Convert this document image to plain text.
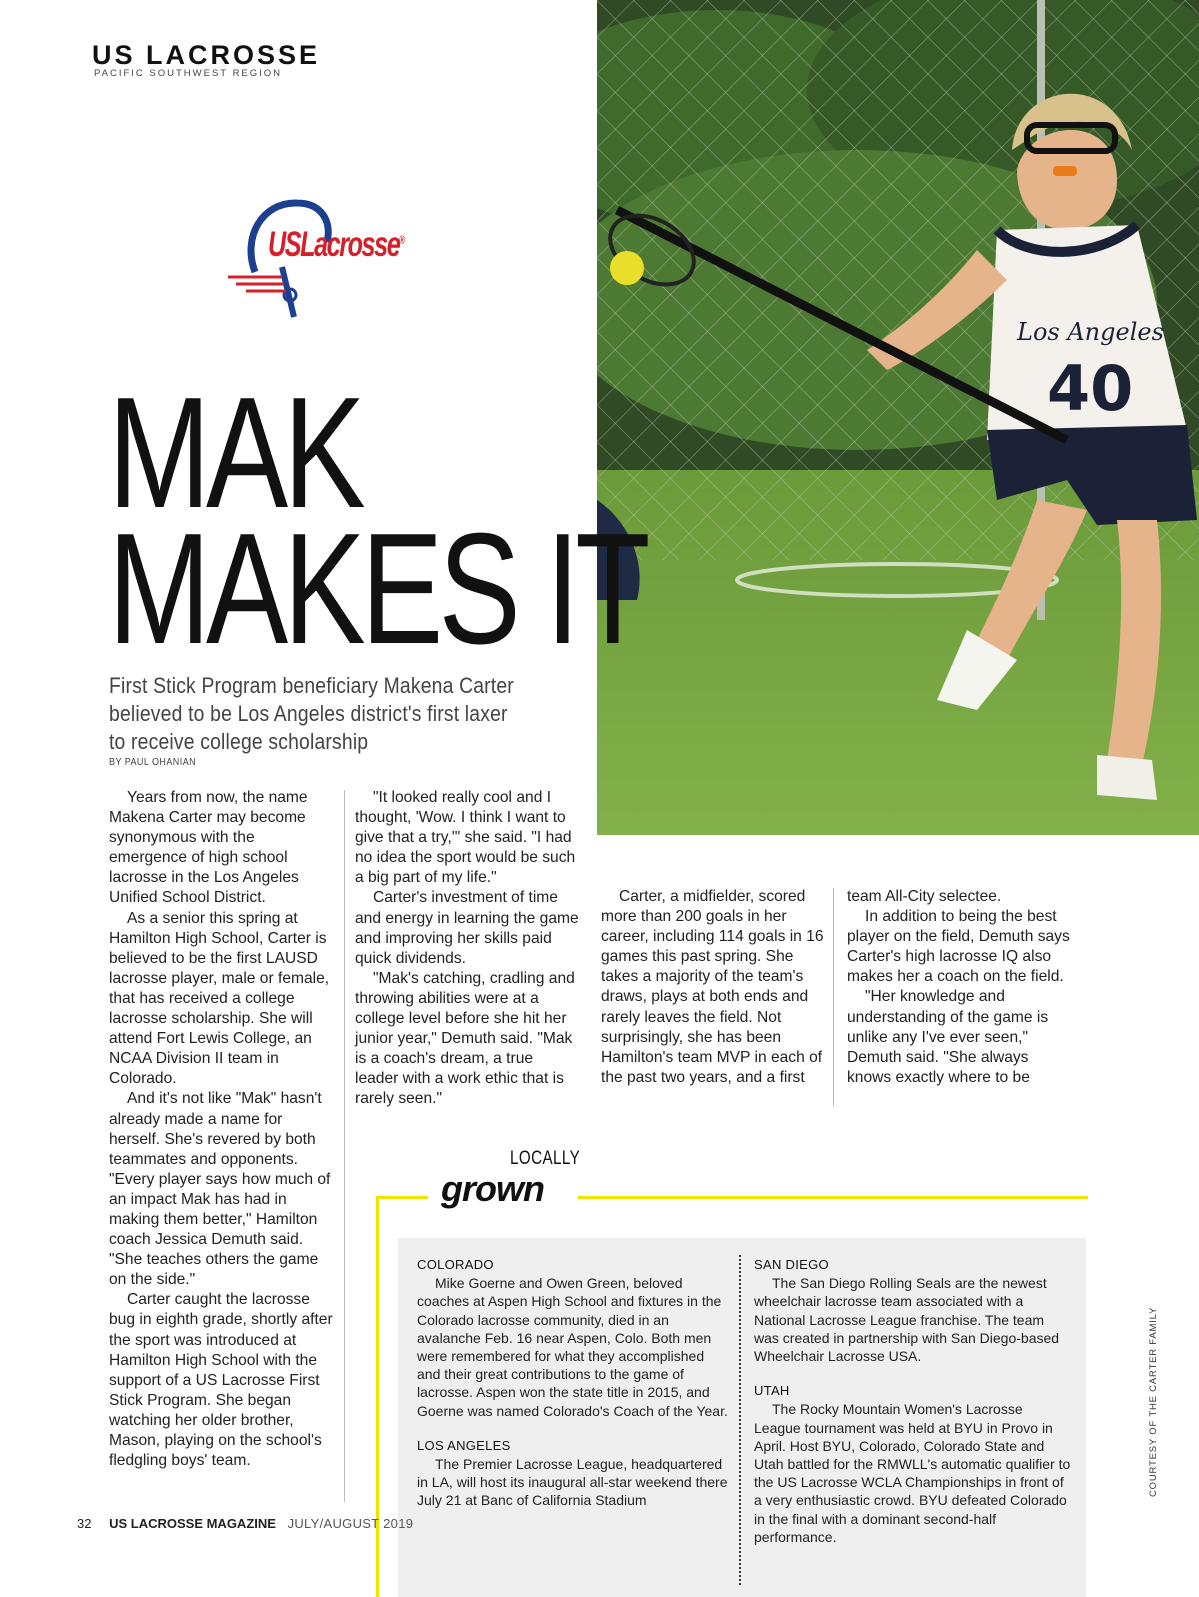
US LACROSSE
PACIFIC SOUTHWEST REGION
USLacrosse®
Los Angeles
40
MAK
MAKES IT
First Stick Program beneficiary Makena Carter believed to be Los Angeles district's first laxer to receive college scholarship
BY PAUL OHANIAN

Years from now, the name Makena Carter may become synonymous with the emergence of high school lacrosse in the Los Angeles Unified School District.

As a senior this spring at Hamilton High School, Carter is believed to be the first LAUSD lacrosse player, male or female, that has received a college lacrosse scholarship. She will attend Fort Lewis College, an NCAA Division II team in Colorado.

And it's not like "Mak" hasn't already made a name for herself. She's revered by both teammates and opponents. "Every player says how much of an impact Mak has had in making them better," Hamilton coach Jessica Demuth said. "She teaches others the game on the side."

Carter caught the lacrosse bug in eighth grade, shortly after the sport was introduced at Hamilton High School with the support of a US Lacrosse First Stick Program. She began watching her older brother, Mason, playing on the school's fledgling boys' team.

"It looked really cool and I thought, 'Wow. I think I want to give that a try,'" she said. "I had no idea the sport would be such a big part of my life."

Carter's investment of time and energy in learning the game and improving her skills paid quick dividends.

"Mak's catching, cradling and throwing abilities were at a college level before she hit her junior year," Demuth said. "Mak is a coach's dream, a true leader with a work ethic that is rarely seen."

Carter, a midfielder, scored more than 200 goals in her career, including 114 goals in 16 games this past spring. She takes a majority of the team's draws, plays at both ends and rarely leaves the field. Not surprisingly, she has been Hamilton's team MVP in each of the past two years, and a first

team All-City selectee.

In addition to being the best player on the field, Demuth says Carter's high lacrosse IQ also makes her a coach on the field.

"Her knowledge and understanding of the game is unlike any I've ever seen," Demuth said. "She always knows exactly where to be

LOCALLY
grown
COLORADO

Mike Goerne and Owen Green, beloved coaches at Aspen High School and fixtures in the Colorado lacrosse community, died in an avalanche Feb. 16 near Aspen, Colo. Both men were remembered for what they accomplished and their great contributions to the game of lacrosse. Aspen won the state title in 2015, and Goerne was named Colorado's Coach of the Year.

LOS ANGELES

The Premier Lacrosse League, headquartered in LA, will host its inaugural all-star weekend there July 21 at Banc of California Stadium

SAN DIEGO

The San Diego Rolling Seals are the newest wheelchair lacrosse team associated with a National Lacrosse League franchise. The team was created in partnership with San Diego-based Wheelchair Lacrosse USA.

UTAH

The Rocky Mountain Women's Lacrosse League tournament was held at BYU in Provo in April. Host BYU, Colorado, Colorado State and Utah battled for the RMWLL's automatic qualifier to the US Lacrosse WCLA Championships in front of a very enthusiastic crowd. BYU defeated Colorado in the final with a dominant second-half performance.

32 US LACROSSE MAGAZINE JULY/AUGUST 2019
COURTESY OF THE CARTER FAMILY
